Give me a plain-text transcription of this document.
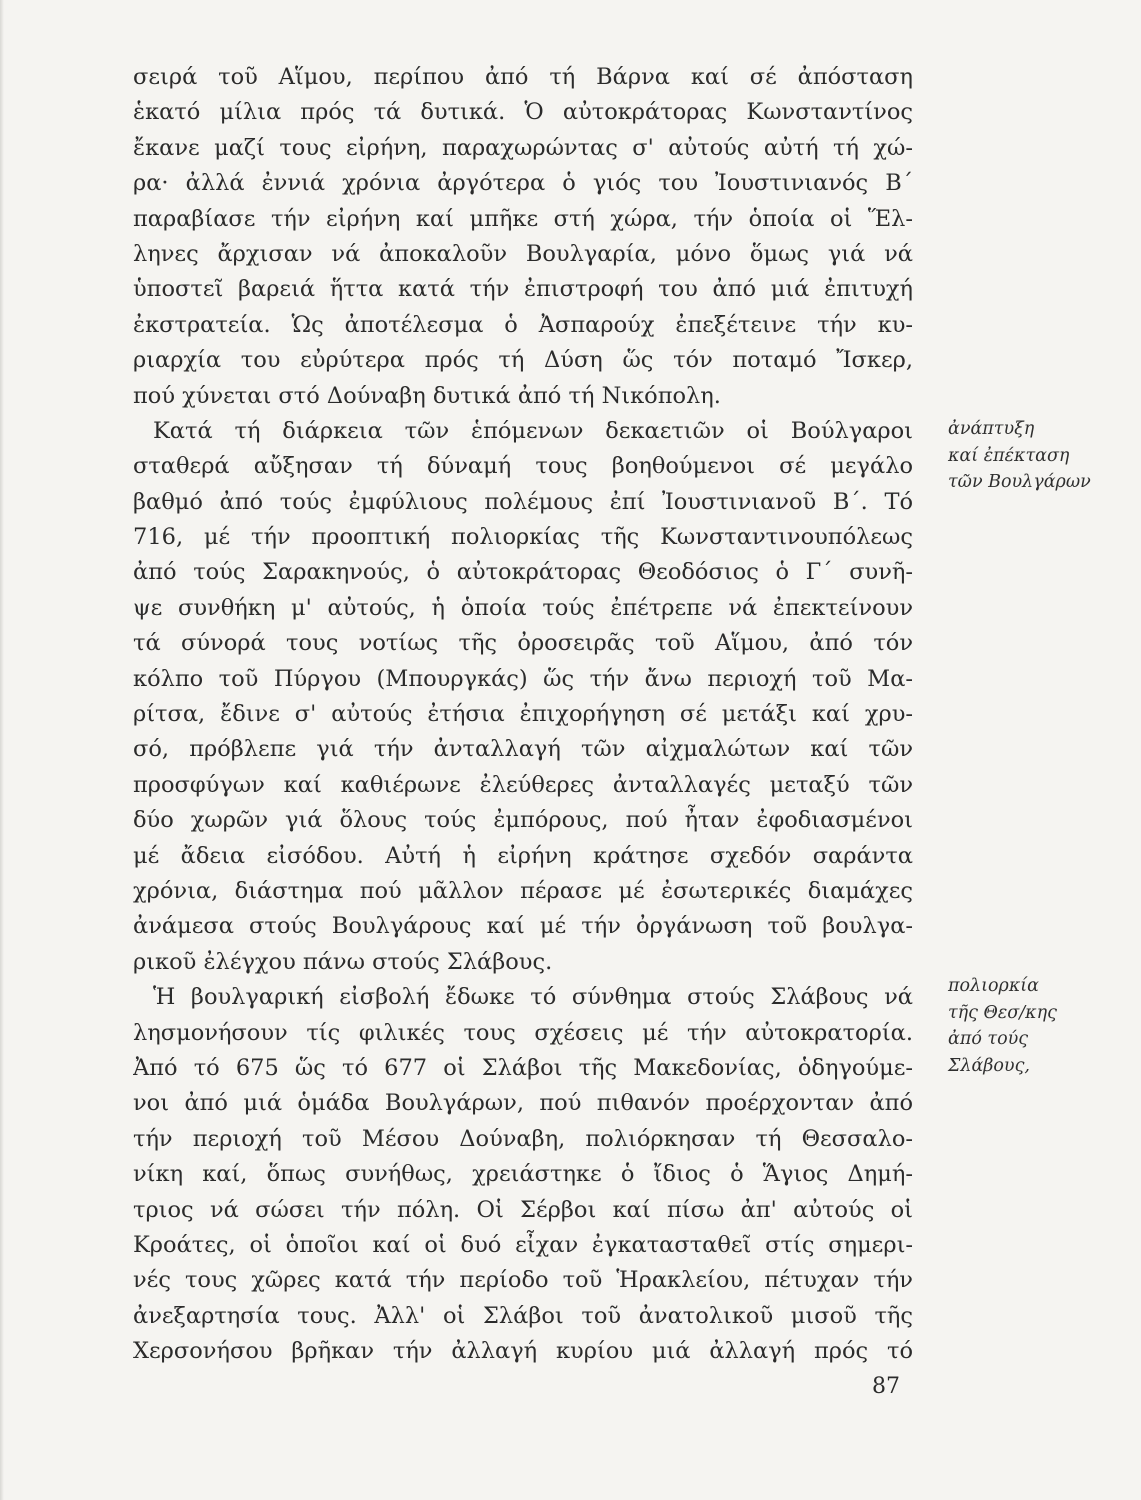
σειρά τοῦ Αἵμου, περίπου ἀπό τή Βάρνα καί σέ ἀπόσταση
ἑκατό μίλια πρός τά δυτικά. Ὁ αὐτοκράτορας Κωνσταντίνος
ἔκανε μαζί τους εἰρήνη, παραχωρώντας σ' αὐτούς αὐτή τή χώ-
ρα· ἀλλά ἐννιά χρόνια ἀργότερα ὁ γιός του Ἰουστινιανός Β΄
παραβίασε τήν εἰρήνη καί μπῆκε στή χώρα, τήν ὁποία οἱ Ἕλ-
ληνες ἄρχισαν νά ἀποκαλοῦν Βουλγαρία, μόνο ὅμως γιά νά
ὑποστεῖ βαρειά ἥττα κατά τήν ἐπιστροφή του ἀπό μιά ἐπιτυχή
ἐκστρατεία. Ὡς ἀποτέλεσμα ὁ Ἀσπαρούχ ἐπεξέτεινε τήν κυ-
ριαρχία του εὐρύτερα πρός τή Δύση ὥς τόν ποταμό Ἴσκερ,
πού χύνεται στό Δούναβη δυτικά ἀπό τή Νικόπολη.
Κατά τή διάρκεια τῶν ἑπόμενων δεκαετιῶν οἱ Βούλγαροι
σταθερά αὔξησαν τή δύναμή τους βοηθούμενοι σέ μεγάλο
βαθμό ἀπό τούς ἐμφύλιους πολέμους ἐπί Ἰουστινιανοῦ Β΄. Τό
716, μέ τήν προοπτική πολιορκίας τῆς Κωνσταντινουπόλεως
ἀπό τούς Σαρακηνούς, ὁ αὐτοκράτορας Θεοδόσιος ὁ Γ΄ συνῆ-
ψε συνθήκη μ' αὐτούς, ἡ ὁποία τούς ἐπέτρεπε νά ἐπεκτείνουν
τά σύνορά τους νοτίως τῆς ὀροσειρᾶς τοῦ Αἵμου, ἀπό τόν
κόλπο τοῦ Πύργου (Μπουργκάς) ὥς τήν ἄνω περιοχή τοῦ Μα-
ρίτσα, ἔδινε σ' αὐτούς ἐτήσια ἐπιχορήγηση σέ μετάξι καί χρυ-
σό, πρόβλεπε γιά τήν ἀνταλλαγή τῶν αἰχμαλώτων καί τῶν
προσφύγων καί καθιέρωνε ἐλεύθερες ἀνταλλαγές μεταξύ τῶν
δύο χωρῶν γιά ὅλους τούς ἐμπόρους, πού ἦταν ἐφοδιασμένοι
μέ ἄδεια εἰσόδου. Αὐτή ἡ εἰρήνη κράτησε σχεδόν σαράντα
χρόνια, διάστημα πού μᾶλλον πέρασε μέ ἐσωτερικές διαμάχες
ἀνάμεσα στούς Βουλγάρους καί μέ τήν ὀργάνωση τοῦ βουλγα-
ρικοῦ ἐλέγχου πάνω στούς Σλάβους.
Ἡ βουλγαρική εἰσβολή ἔδωκε τό σύνθημα στούς Σλάβους νά
λησμονήσουν τίς φιλικές τους σχέσεις μέ τήν αὐτοκρατορία.
Ἀπό τό 675 ὥς τό 677 οἱ Σλάβοι τῆς Μακεδονίας, ὁδηγούμε-
νοι ἀπό μιά ὁμάδα Βουλγάρων, πού πιθανόν προέρχονταν ἀπό
τήν περιοχή τοῦ Μέσου Δούναβη, πολιόρκησαν τή Θεσσαλο-
νίκη καί, ὅπως συνήθως, χρειάστηκε ὁ ἴδιος ὁ Ἅγιος Δημή-
τριος νά σώσει τήν πόλη. Οἱ Σέρβοι καί πίσω ἀπ' αὐτούς οἱ
Κροάτες, οἱ ὁποῖοι καί οἱ δυό εἶχαν ἐγκατασταθεῖ στίς σημερι-
νές τους χῶρες κατά τήν περίοδο τοῦ Ἡρακλείου, πέτυχαν τήν
ἀνεξαρτησία τους. Ἀλλ' οἱ Σλάβοι τοῦ ἀνατολικοῦ μισοῦ τῆς
Χερσονήσου βρῆκαν τήν ἀλλαγή κυρίου μιά ἀλλαγή πρός τό
ἀνάπτυξη
καί ἐπέκταση
τῶν Βουλγάρων
πολιορκία
τῆς Θεσ/κης
ἀπό τούς
Σλάβους,
87
